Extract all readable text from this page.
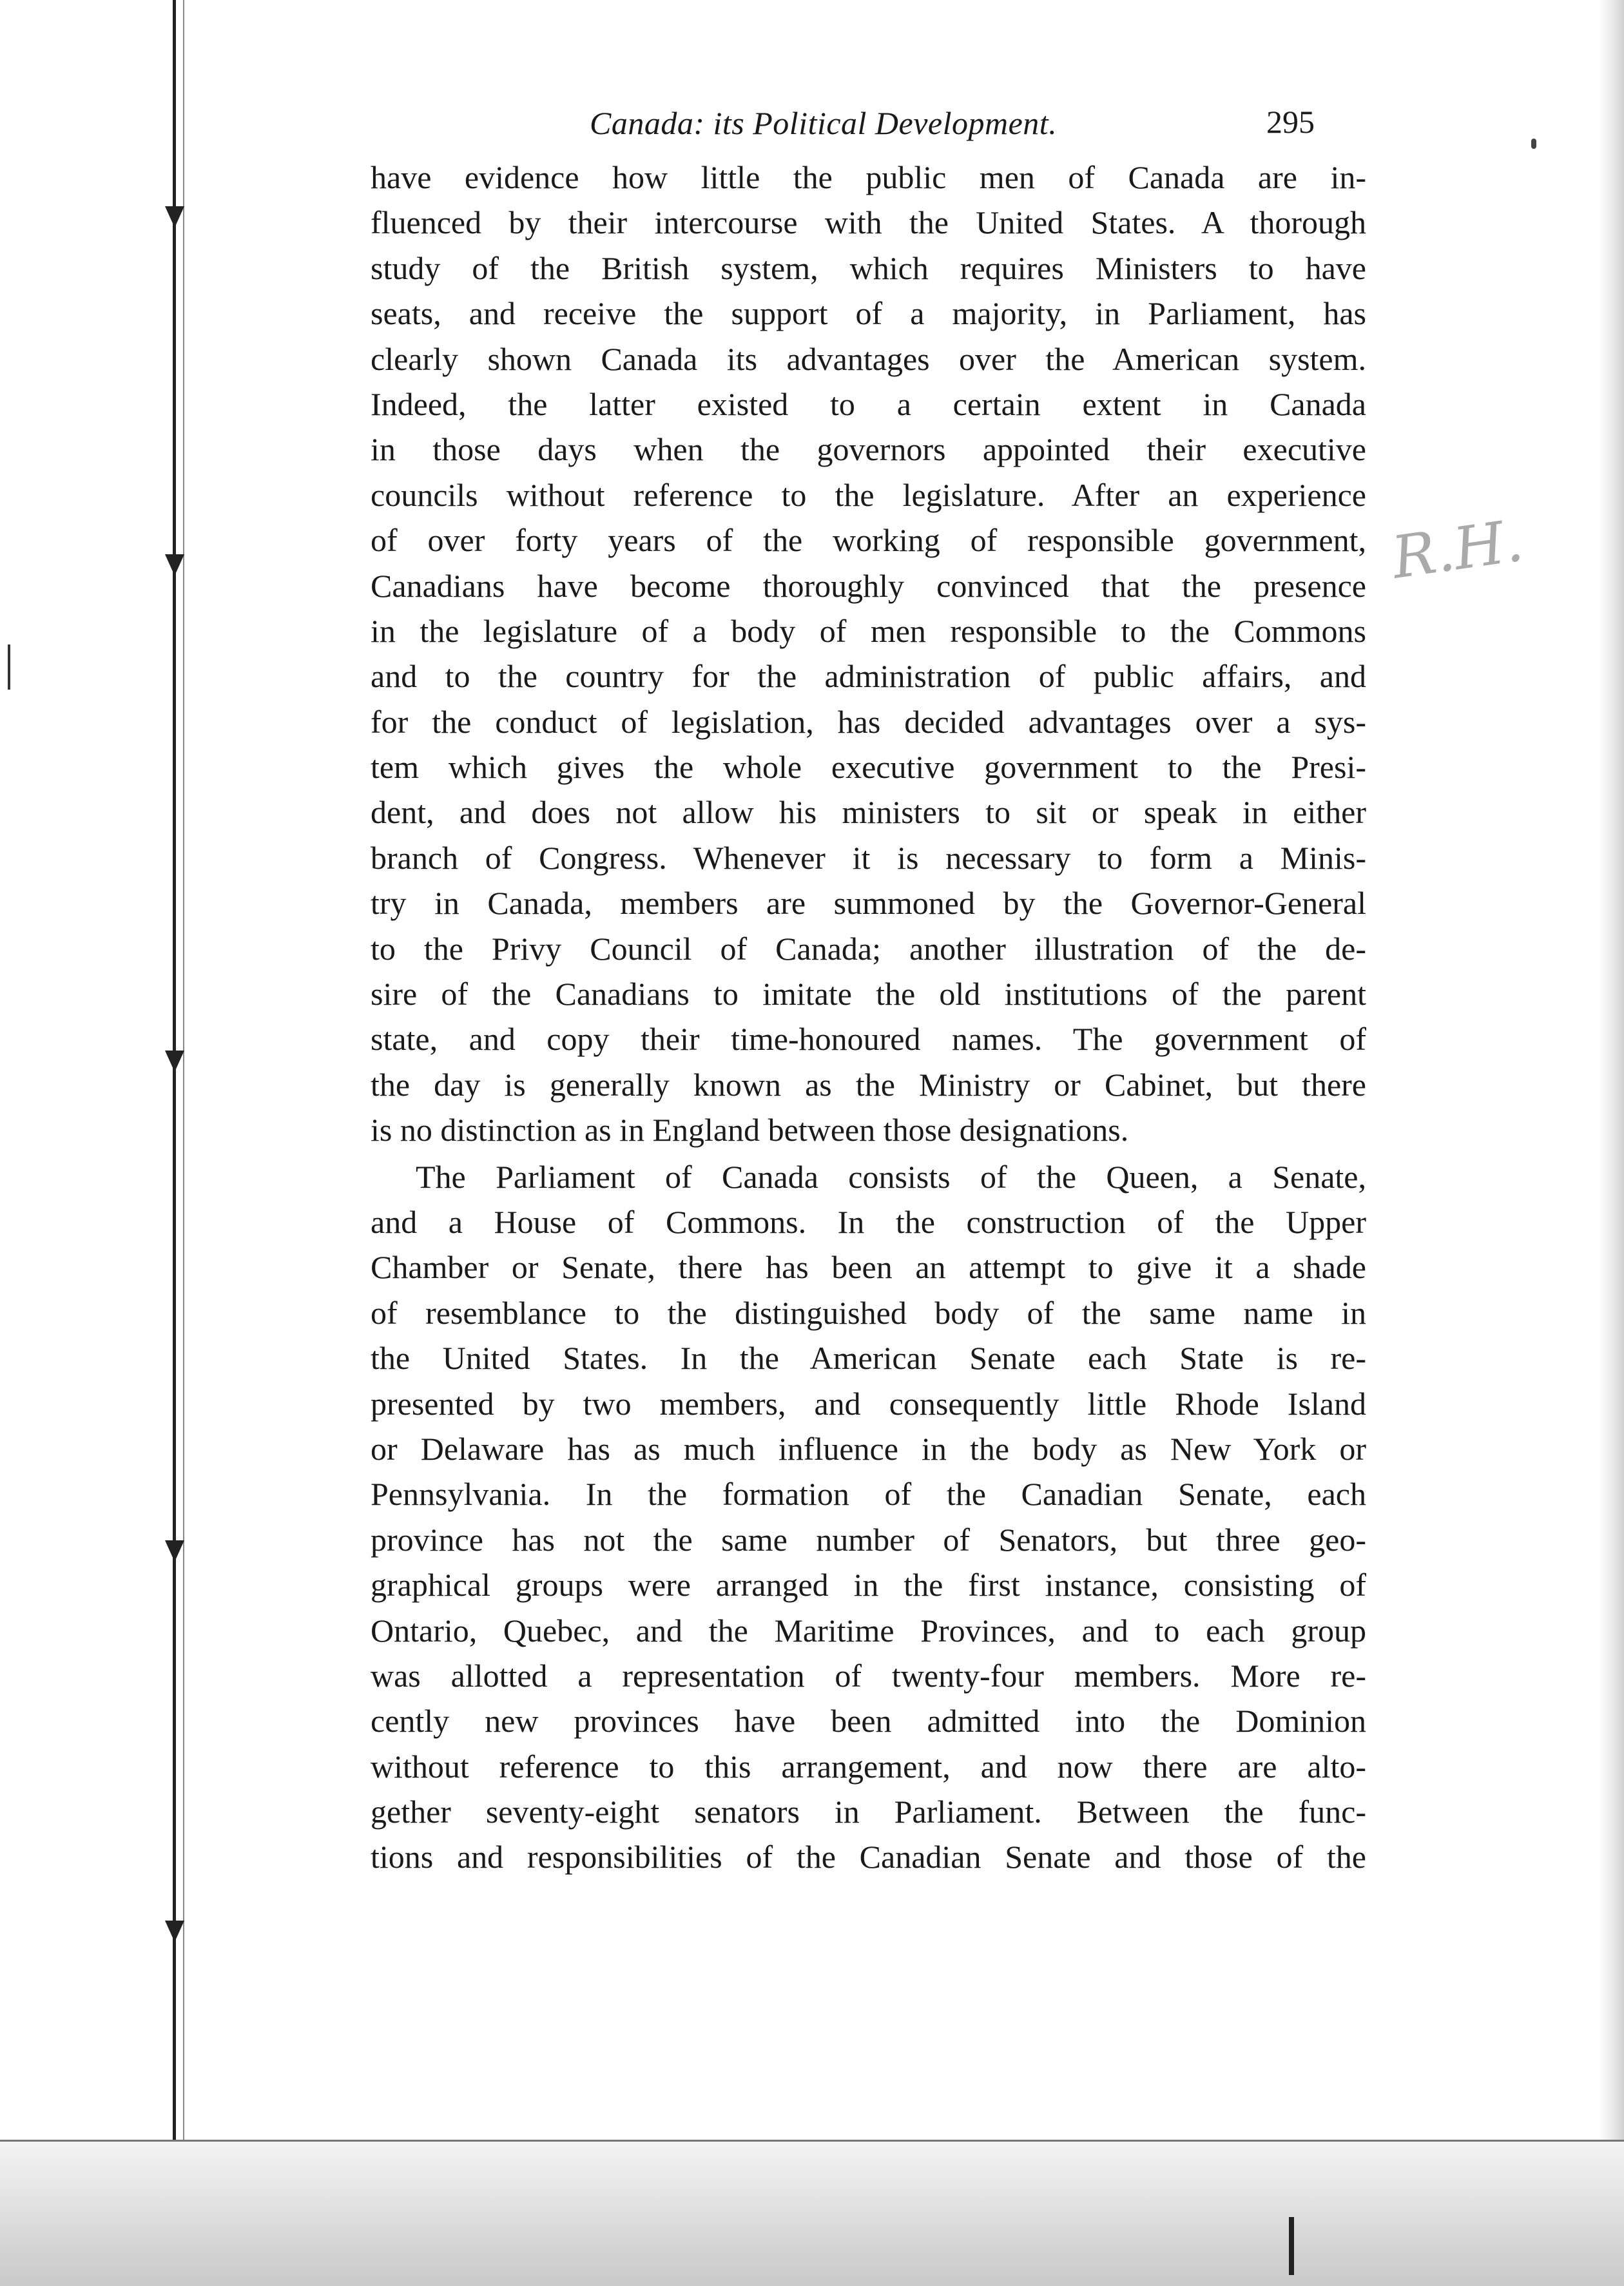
R.H.
Canada: its Political Development.	295
have evidence how little the public men of Canada are in-
fluenced by their intercourse with the United States. A thorough
study of the British system, which requires Ministers to have
seats, and receive the support of a majority, in Parliament, has
clearly shown Canada its advantages over the American system.
Indeed, the latter existed to a certain extent in Canada
in those days when the governors appointed their executive
councils without reference to the legislature. After an experience
of over forty years of the working of responsible government,
Canadians have become thoroughly convinced that the presence
in the legislature of a body of men responsible to the Commons
and to the country for the administration of public affairs, and
for the conduct of legislation, has decided advantages over a sys-
tem which gives the whole executive government to the Presi-
dent, and does not allow his ministers to sit or speak in either
branch of Congress. Whenever it is necessary to form a Minis-
try in Canada, members are summoned by the Governor-General
to the Privy Council of Canada; another illustration of the de-
sire of the Canadians to imitate the old institutions of the parent
state, and copy their time-honoured names. The government of
the day is generally known as the Ministry or Cabinet, but there
is no distinction as in England between those designations.
The Parliament of Canada consists of the Queen, a Senate,
and a House of Commons. In the construction of the Upper
Chamber or Senate, there has been an attempt to give it a shade
of resemblance to the distinguished body of the same name in
the United States. In the American Senate each State is re-
presented by two members, and consequently little Rhode Island
or Delaware has as much influence in the body as New York or
Pennsylvania. In the formation of the Canadian Senate, each
province has not the same number of Senators, but three geo-
graphical groups were arranged in the first instance, consisting of
Ontario, Quebec, and the Maritime Provinces, and to each group
was allotted a representation of twenty-four members. More re-
cently new provinces have been admitted into the Dominion
without reference to this arrangement, and now there are alto-
gether seventy-eight senators in Parliament. Between the func-
tions and responsibilities of the Canadian Senate and those of the
